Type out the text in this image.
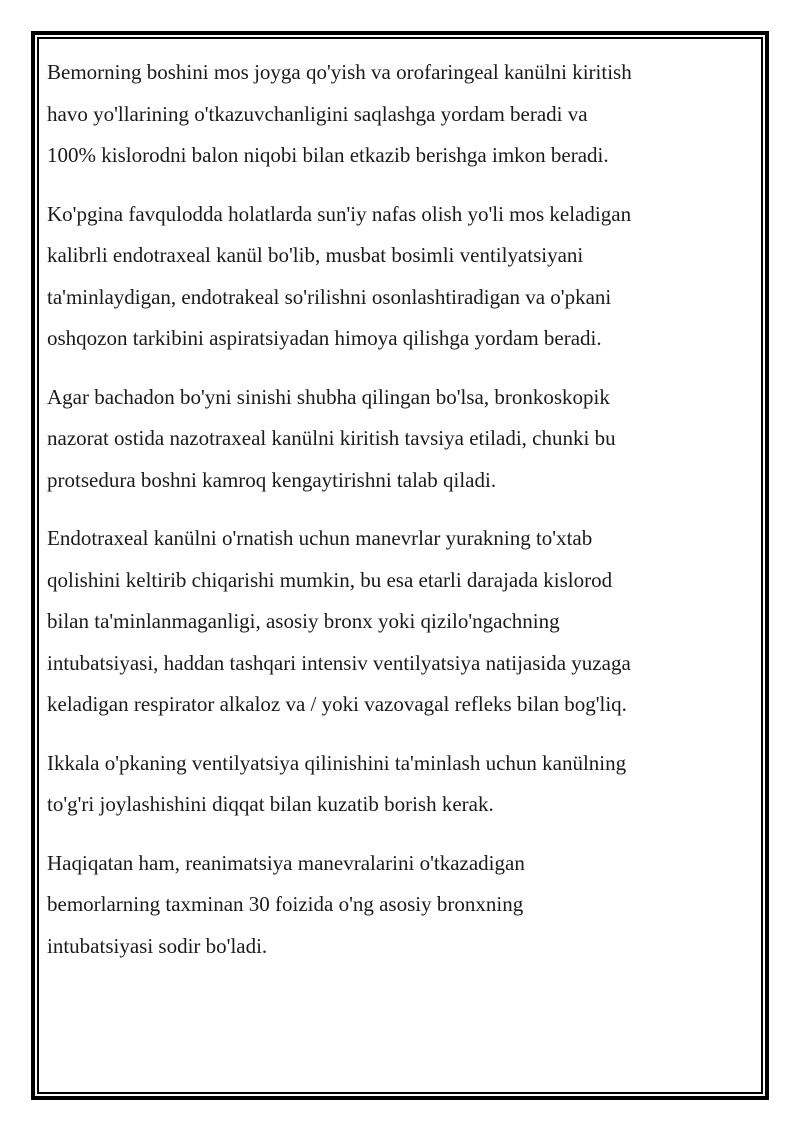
Bemorning boshini mos joyga qo'yish va orofaringeal kanülni kiritish
havo yo'llarining o'tkazuvchanligini saqlashga yordam beradi va
100% kislorodni balon niqobi bilan etkazib berishga imkon beradi.

Ko'pgina favqulodda holatlarda sun'iy nafas olish yo'li mos keladigan
kalibrli endotraxeal kanül bo'lib, musbat bosimli ventilyatsiyani
ta'minlaydigan, endotrakeal so'rilishni osonlashtiradigan va o'pkani
oshqozon tarkibini aspiratsiyadan himoya qilishga yordam beradi.

Agar bachadon bo'yni sinishi shubha qilingan bo'lsa, bronkoskopik
nazorat ostida nazotraxeal kanülni kiritish tavsiya etiladi, chunki bu
protsedura boshni kamroq kengaytirishni talab qiladi.

Endotraxeal kanülni o'rnatish uchun manevrlar yurakning to'xtab
qolishini keltirib chiqarishi mumkin, bu esa etarli darajada kislorod
bilan ta'minlanmaganligi, asosiy bronx yoki qizilo'ngachning
intubatsiyasi, haddan tashqari intensiv ventilyatsiya natijasida yuzaga
keladigan respirator alkaloz va / yoki vazovagal refleks bilan bog'liq.

Ikkala o'pkaning ventilyatsiya qilinishini ta'minlash uchun kanülning
to'g'ri joylashishini diqqat bilan kuzatib borish kerak.

Haqiqatan ham, reanimatsiya manevralarini o'tkazadigan
bemorlarning taxminan 30 foizida o'ng asosiy bronxning
intubatsiyasi sodir bo'ladi.
